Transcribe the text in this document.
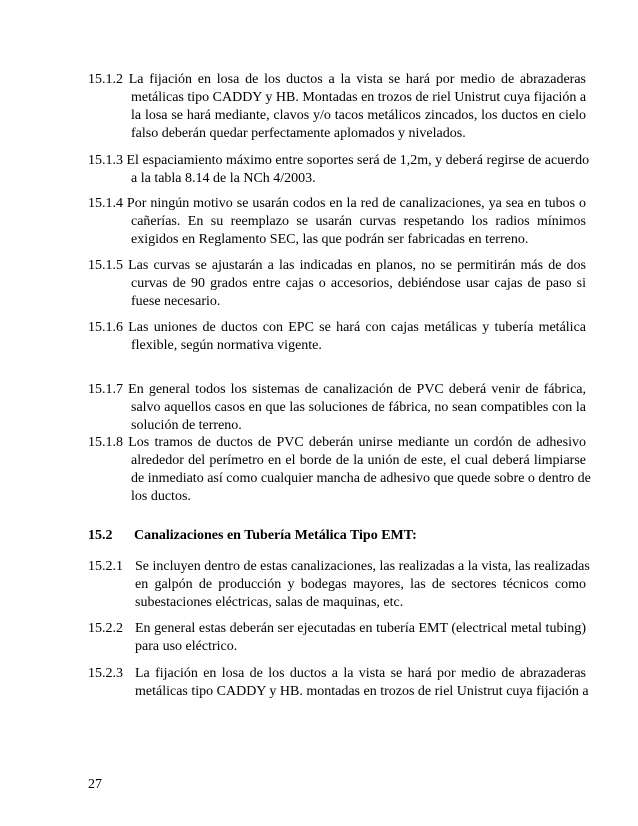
15.1.2 La fijación en losa de los ductos a la vista se hará por medio de abrazaderas
metálicas tipo CADDY y HB. Montadas en trozos de riel Unistrut cuya fijación a
la losa se hará mediante, clavos y/o tacos metálicos zincados, los ductos en cielo
falso deberán quedar perfectamente aplomados y nivelados.
15.1.3 El espaciamiento máximo entre soportes será de 1,2m, y deberá regirse de acuerdo
a la tabla 8.14 de la NCh 4/2003.
15.1.4 Por ningún motivo se usarán codos en la red de canalizaciones, ya sea en tubos o
cañerías. En su reemplazo se usarán curvas respetando los radios mínimos
exigidos en Reglamento SEC, las que podrán ser fabricadas en terreno.
15.1.5 Las curvas se ajustarán a las indicadas en planos, no se permitirán más de dos
curvas de 90 grados entre cajas o accesorios, debiéndose usar cajas de paso si
fuese necesario.
15.1.6 Las uniones de ductos con EPC se hará con cajas metálicas y tubería metálica
flexible, según normativa vigente.
15.1.7 En general todos los sistemas de canalización de PVC deberá venir de fábrica,
salvo aquellos casos en que las soluciones de fábrica, no sean compatibles con la
solución de terreno.
15.1.8 Los tramos de ductos de PVC deberán unirse mediante un cordón de adhesivo
alrededor del perímetro en el borde de la unión de este, el cual deberá limpiarse
de inmediato así como cualquier mancha de adhesivo que quede sobre o dentro de
los ductos.
15.2 Canalizaciones en Tubería Metálica Tipo EMT:
15.2.1 Se incluyen dentro de estas canalizaciones, las realizadas a la vista, las realizadas
en galpón de producción y bodegas mayores, las de sectores técnicos como
subestaciones eléctricas, salas de maquinas, etc.
15.2.2 En general estas deberán ser ejecutadas en tubería EMT (electrical metal tubing)
para uso eléctrico.
15.2.3 La fijación en losa de los ductos a la vista se hará por medio de abrazaderas
metálicas tipo CADDY y HB. montadas en trozos de riel Unistrut cuya fijación a
27
